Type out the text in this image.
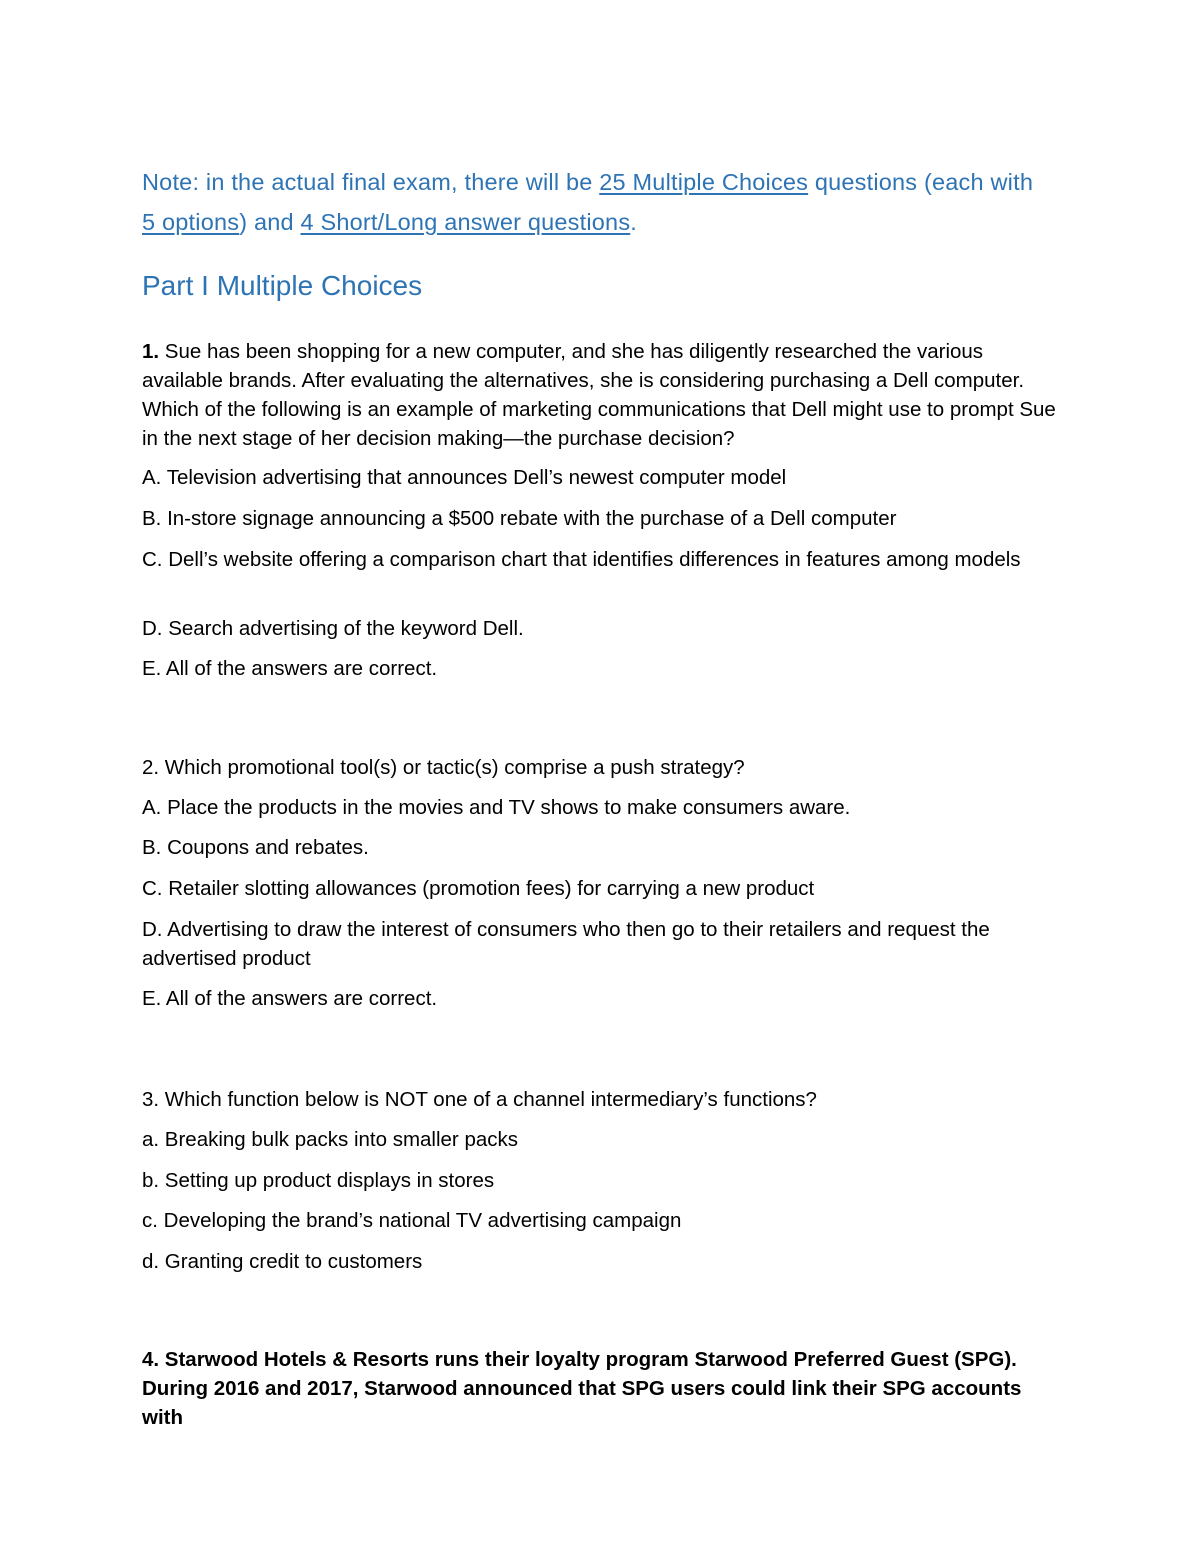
Note: in the actual final exam, there will be 25 Multiple Choices questions (each with 5 options) and 4 Short/Long answer questions.
Part I Multiple Choices

1. Sue has been shopping for a new computer, and she has diligently researched the various available brands. After evaluating the alternatives, she is considering purchasing a Dell computer. Which of the following is an example of marketing communications that Dell might use to prompt Sue in the next stage of her decision making—the purchase decision?

A. Television advertising that announces Dell’s newest computer model
B. In-store signage announcing a $500 rebate with the purchase of a Dell computer
C. Dell’s website offering a comparison chart that identifies differences in features among models
D. Search advertising of the keyword Dell.
E. All of the answers are correct.
2. Which promotional tool(s) or tactic(s) comprise a push strategy?
A. Place the products in the movies and TV shows to make consumers aware.
B. Coupons and rebates.
C. Retailer slotting allowances (promotion fees) for carrying a new product
D. Advertising to draw the interest of consumers who then go to their retailers and request the advertised product
E. All of the answers are correct.
3. Which function below is NOT one of a channel intermediary’s functions?
a. Breaking bulk packs into smaller packs
b. Setting up product displays in stores
c. Developing the brand’s national TV advertising campaign
d. Granting credit to customers
4. Starwood Hotels & Resorts runs their loyalty program Starwood Preferred Guest (SPG). During 2016 and 2017, Starwood announced that SPG users could link their SPG accounts with
